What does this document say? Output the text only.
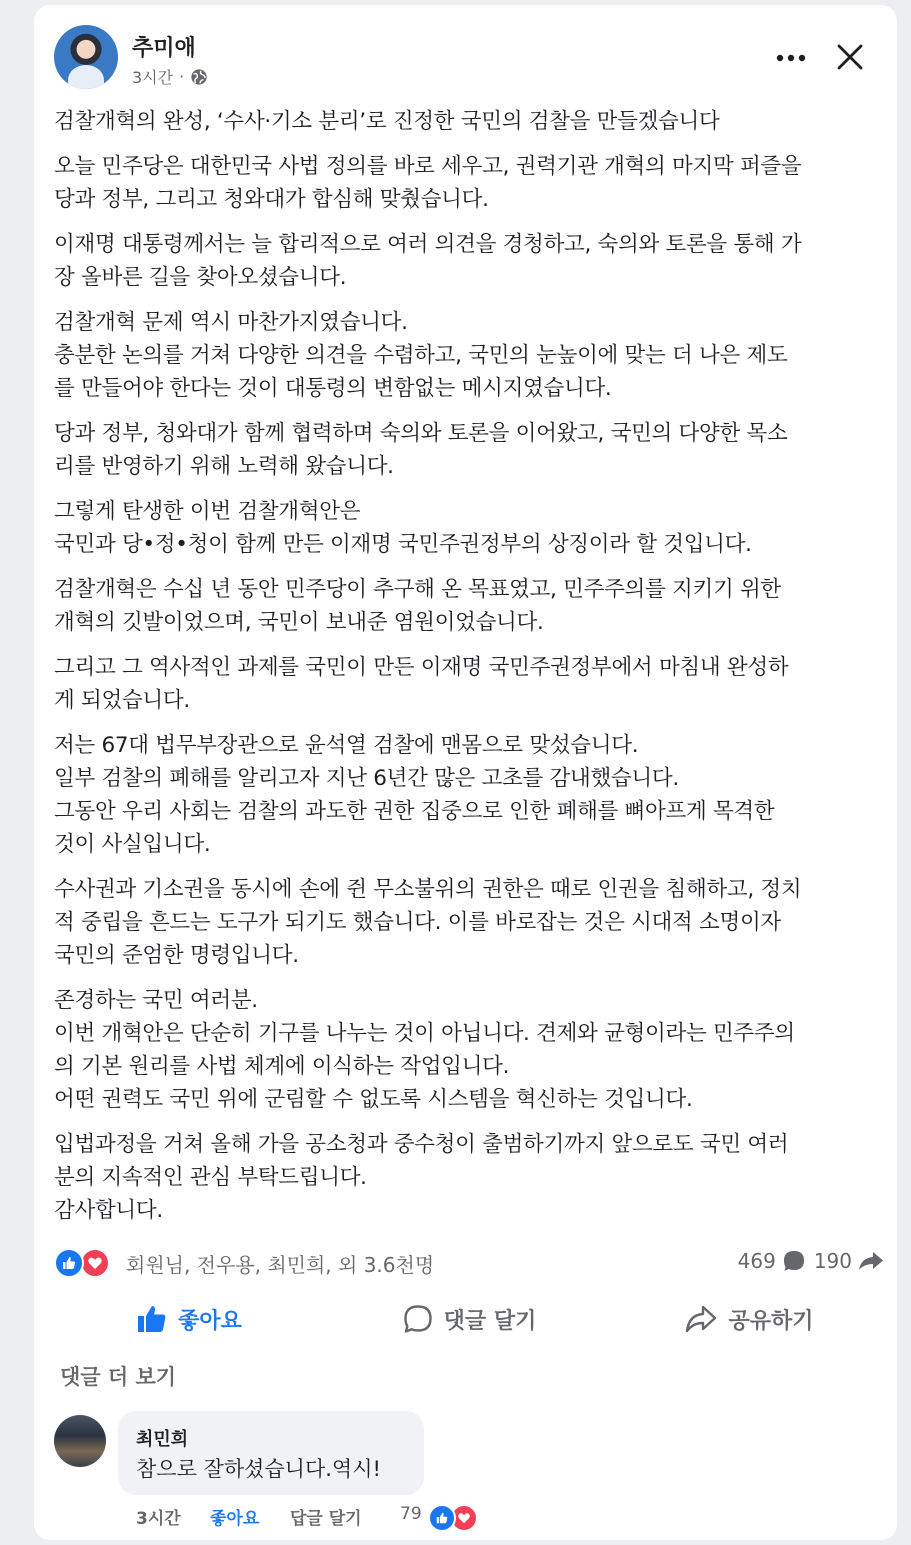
추미애
3시간 ·

검찰개혁의 완성, ‘수사·기소 분리’로 진정한 국민의 검찰을 만들겠습니다

오늘 민주당은 대한민국 사법 정의를 바로 세우고, 권력기관 개혁의 마지막 퍼즐을
당과 정부, 그리고 청와대가 합심해 맞췄습니다.

이재명 대통령께서는 늘 합리적으로 여러 의견을 경청하고, 숙의와 토론을 통해 가
장 올바른 길을 찾아오셨습니다.

검찰개혁 문제 역시 마찬가지였습니다.
충분한 논의를 거쳐 다양한 의견을 수렴하고, 국민의 눈높이에 맞는 더 나은 제도
를 만들어야 한다는 것이 대통령의 변함없는 메시지였습니다.

당과 정부, 청와대가 함께 협력하며 숙의와 토론을 이어왔고, 국민의 다양한 목소
리를 반영하기 위해 노력해 왔습니다.

그렇게 탄생한 이번 검찰개혁안은
국민과 당•정•청이 함께 만든 이재명 국민주권정부의 상징이라 할 것입니다.

검찰개혁은 수십 년 동안 민주당이 추구해 온 목표였고, 민주주의를 지키기 위한
개혁의 깃발이었으며, 국민이 보내준 염원이었습니다.

그리고 그 역사적인 과제를 국민이 만든 이재명 국민주권정부에서 마침내 완성하
게 되었습니다.

저는 67대 법무부장관으로 윤석열 검찰에 맨몸으로 맞섰습니다.
일부 검찰의 폐해를 알리고자 지난 6년간 많은 고초를 감내했습니다.
그동안 우리 사회는 검찰의 과도한 권한 집중으로 인한 폐해를 뼈아프게 목격한
것이 사실입니다.

수사권과 기소권을 동시에 손에 쥔 무소불위의 권한은 때로 인권을 침해하고, 정치
적 중립을 흔드는 도구가 되기도 했습니다. 이를 바로잡는 것은 시대적 소명이자
국민의 준엄한 명령입니다.

존경하는 국민 여러분.
이번 개혁안은 단순히 기구를 나누는 것이 아닙니다. 견제와 균형이라는 민주주의
의 기본 원리를 사법 체계에 이식하는 작업입니다.
어떤 권력도 국민 위에 군림할 수 없도록 시스템을 혁신하는 것입니다.

입법과정을 거쳐 올해 가을 공소청과 중수청이 출범하기까지 앞으로도 국민 여러
분의 지속적인 관심 부탁드립니다.
감사합니다.

회원님, 전우용, 최민희, 외 3.6천명	469 190
좋아요	댓글 달기	공유하기
댓글 더 보기
최민희
참으로 잘하셨습니다.역시!
3시간 좋아요 답글 달기 79
